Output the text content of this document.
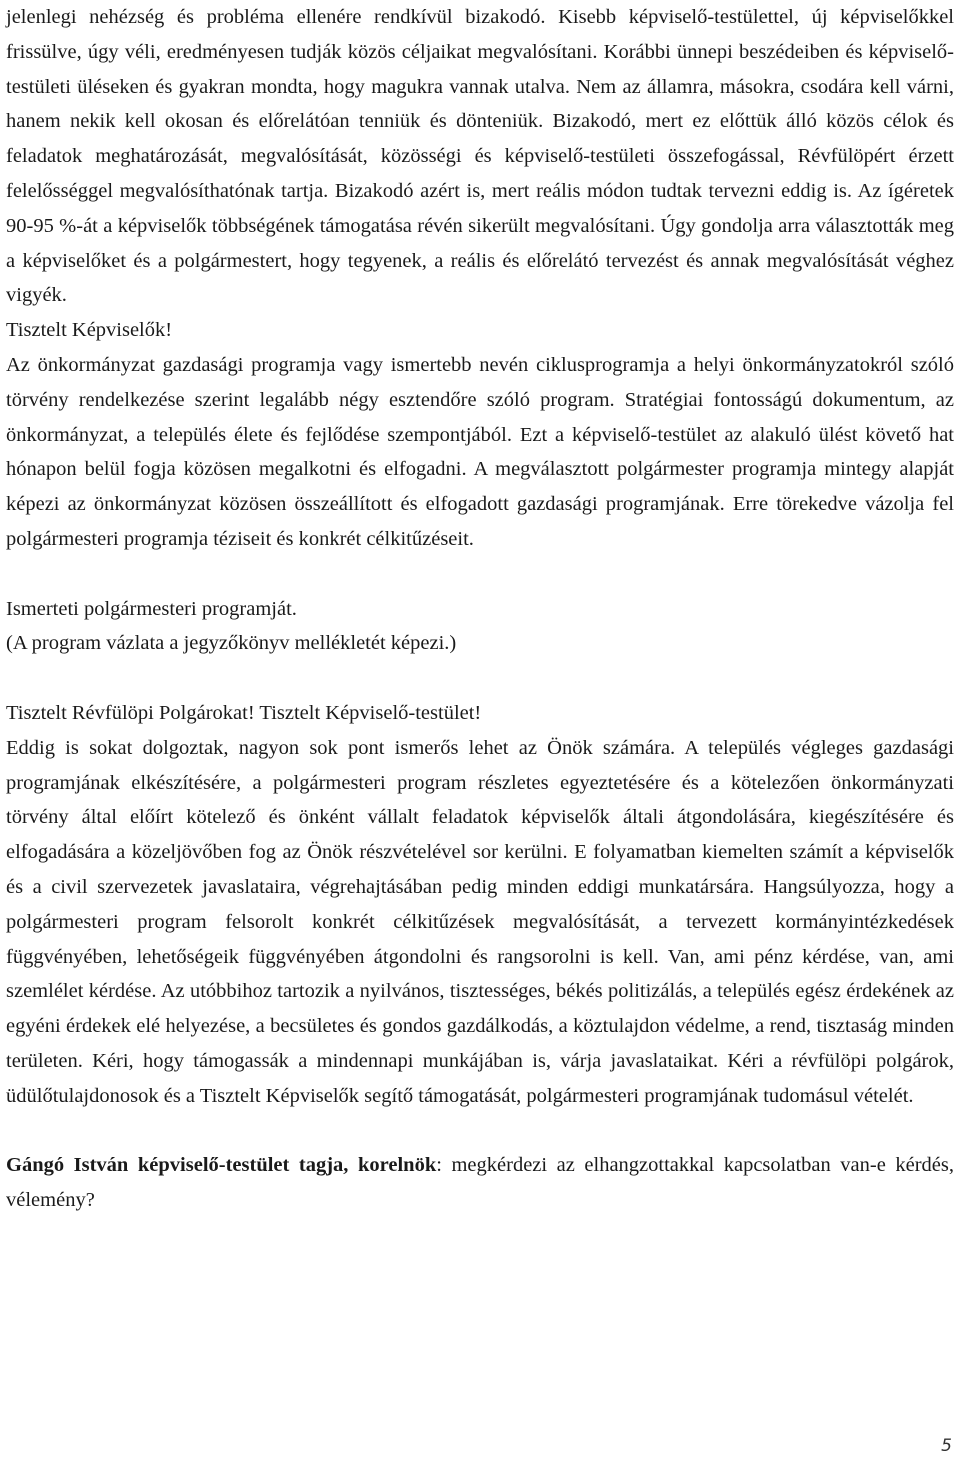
jelenlegi nehézség és probléma ellenére rendkívül bizakodó. Kisebb képviselő-testülettel, új képviselőkkel frissülve, úgy véli, eredményesen tudják közös céljaikat megvalósítani. Korábbi ünnepi beszédeiben és képviselő-testületi üléseken és gyakran mondta, hogy magukra vannak utalva. Nem az államra, másokra, csodára kell várni, hanem nekik kell okosan és előrelátóan tenniük és dönteniük. Bizakodó, mert ez előttük álló közös célok és feladatok meghatározását, megvalósítását, közösségi és képviselő-testületi összefogással, Révfülöpért érzett felelősséggel megvalósíthatónak tartja. Bizakodó azért is, mert reális módon tudtak tervezni eddig is. Az ígéretek 90-95 %-át a képviselők többségének támogatása révén sikerült megvalósítani. Úgy gondolja arra választották meg a képviselőket és a polgármestert, hogy tegyenek, a reális és előrelátó tervezést és annak megvalósítását véghez vigyék.

Tisztelt Képviselők!

Az önkormányzat gazdasági programja vagy ismertebb nevén ciklusprogramja a helyi önkormányzatokról szóló törvény rendelkezése szerint legalább négy esztendőre szóló program. Stratégiai fontosságú dokumentum, az önkormányzat, a település élete és fejlődése szempontjából. Ezt a képviselő-testület az alakuló ülést követő hat hónapon belül fogja közösen megalkotni és elfogadni. A megválasztott polgármester programja mintegy alapját képezi az önkormányzat közösen összeállított és elfogadott gazdasági programjának. Erre törekedve vázolja fel polgármesteri programja téziseit és konkrét célkitűzéseit.

Ismerteti polgármesteri programját.

(A program vázlata a jegyzőkönyv mellékletét képezi.)

Tisztelt Révfülöpi Polgárokat! Tisztelt Képviselő-testület!

Eddig is sokat dolgoztak, nagyon sok pont ismerős lehet az Önök számára. A település végleges gazdasági programjának elkészítésére, a polgármesteri program részletes egyeztetésére és a kötelezően önkormányzati törvény által előírt kötelező és önként vállalt feladatok képviselők általi átgondolására, kiegészítésére és elfogadására a közeljövőben fog az Önök részvételével sor kerülni. E folyamatban kiemelten számít a képviselők és a civil szervezetek javaslataira, végrehajtásában pedig minden eddigi munkatársára. Hangsúlyozza, hogy a polgármesteri program felsorolt konkrét célkitűzések megvalósítását, a tervezett kormányintézkedések függvényében, lehetőségeik függvényében átgondolni és rangsorolni is kell. Van, ami pénz kérdése, van, ami szemlélet kérdése. Az utóbbihoz tartozik a nyilvános, tisztességes, békés politizálás, a település egész érdekének az egyéni érdekek elé helyezése, a becsületes és gondos gazdálkodás, a köztulajdon védelme, a rend, tisztaság minden területen. Kéri, hogy támogassák a mindennapi munkájában is, várja javaslataikat. Kéri a révfülöpi polgárok, üdülőtulajdonosok és a Tisztelt Képviselők segítő támogatását, polgármesteri programjának tudomásul vételét.

Gángó István képviselő-testület tagja, korelnök: megkérdezi az elhangzottakkal kapcsolatban van-e kérdés, vélemény?

5
